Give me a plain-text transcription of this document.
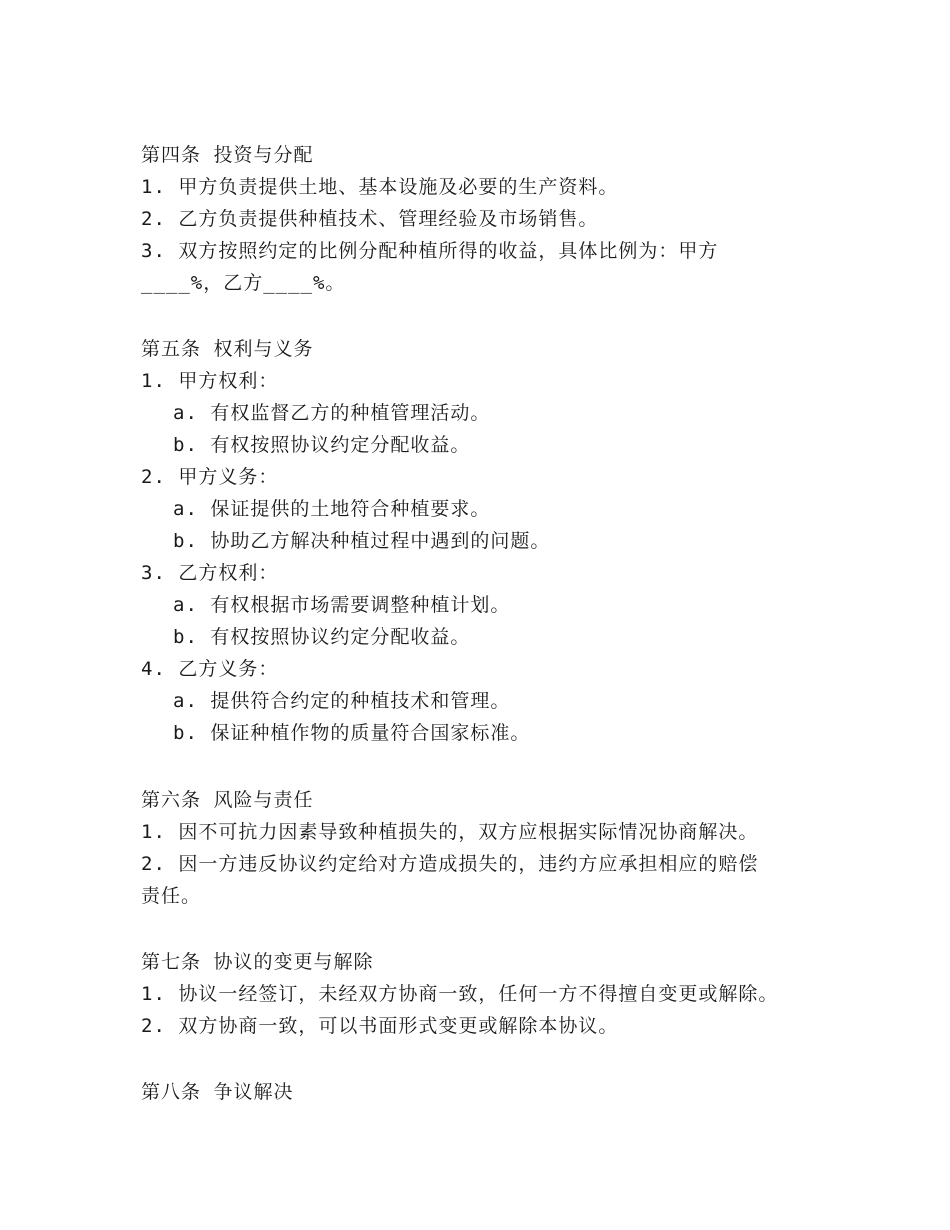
第四条 投资与分配
1. 甲方负责提供土地、基本设施及必要的生产资料。
2. 乙方负责提供种植技术、管理经验及市场销售。
3. 双方按照约定的比例分配种植所得的收益，具体比例为：甲方
____%，乙方____%。
第五条 权利与义务
1. 甲方权利：
a. 有权监督乙方的种植管理活动。
b. 有权按照协议约定分配收益。
2. 甲方义务：
a. 保证提供的土地符合种植要求。
b. 协助乙方解决种植过程中遇到的问题。
3. 乙方权利：
a. 有权根据市场需要调整种植计划。
b. 有权按照协议约定分配收益。
4. 乙方义务：
a. 提供符合约定的种植技术和管理。
b. 保证种植作物的质量符合国家标准。
第六条 风险与责任
1. 因不可抗力因素导致种植损失的，双方应根据实际情况协商解决。
2. 因一方违反协议约定给对方造成损失的，违约方应承担相应的赔偿
责任。
第七条 协议的变更与解除
1. 协议一经签订，未经双方协商一致，任何一方不得擅自变更或解除。
2. 双方协商一致，可以书面形式变更或解除本协议。
第八条 争议解决
